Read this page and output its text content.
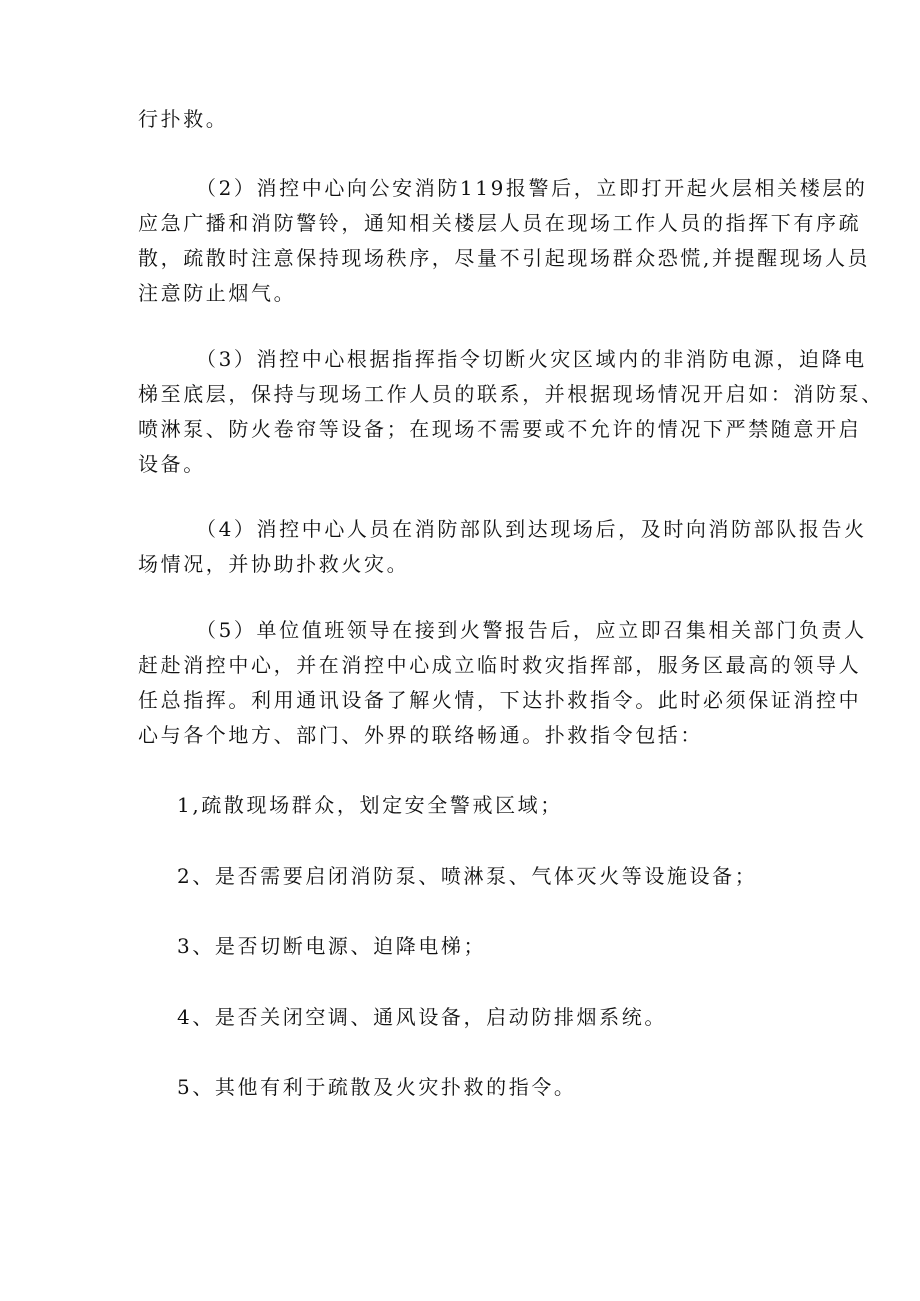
行扑救。
（2）消控中心向公安消防119报警后，立即打开起火层相关楼层的
应急广播和消防警铃，通知相关楼层人员在现场工作人员的指挥下有序疏
散，疏散时注意保持现场秩序，尽量不引起现场群众恐慌,并提醒现场人员
注意防止烟气。
（3）消控中心根据指挥指令切断火灾区域内的非消防电源，迫降电
梯至底层，保持与现场工作人员的联系，并根据现场情况开启如：消防泵、
喷淋泵、防火卷帘等设备；在现场不需要或不允许的情况下严禁随意开启
设备。
（4）消控中心人员在消防部队到达现场后，及时向消防部队报告火
场情况，并协助扑救火灾。
（5）单位值班领导在接到火警报告后，应立即召集相关部门负责人
赶赴消控中心，并在消控中心成立临时救灾指挥部，服务区最高的领导人
任总指挥。利用通讯设备了解火情，下达扑救指令。此时必须保证消控中
心与各个地方、部门、外界的联络畅通。扑救指令包括：
1,疏散现场群众，划定安全警戒区域；
2、是否需要启闭消防泵、喷淋泵、气体灭火等设施设备；
3、是否切断电源、迫降电梯；
4、是否关闭空调、通风设备，启动防排烟系统。
5、其他有利于疏散及火灾扑救的指令。
